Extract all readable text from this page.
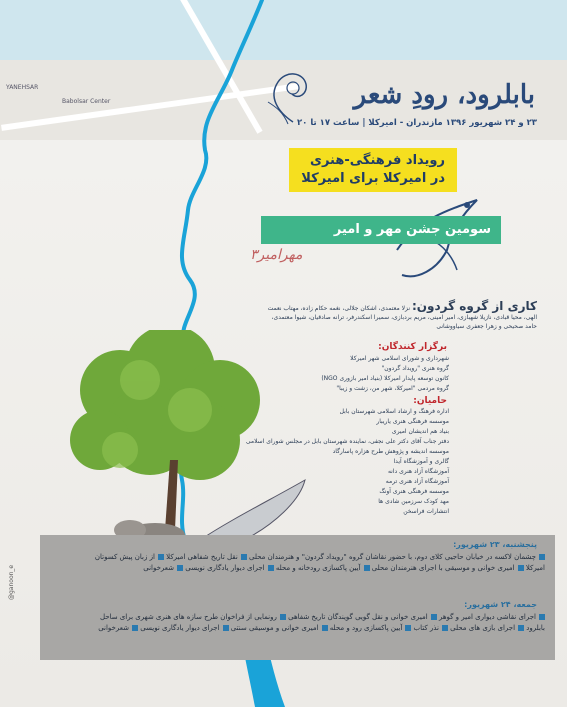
YANEHSAR
Babolsar Center	بابلرود، رودِ شعر
۲۳ و ۲۴ شهریور ۱۳۹۶ مازندران - امیرکلا | ساعت ۱۷ تا ۲۰
رویداد فرهنگی-هنری
در امیرکلا برای امیرکلا
سومین جشن مهر و امیر
مهرامیر۳
کاری از گروه گردون: نزلا معتمدی، اشکان جلالی، نغمه حکام زاده، مهتاب نعمت الهی، محیا قبادی، نازیلا شهبازی، امیر امینی، مریم بردبازی، سمیرا اسکندرفر، ترانه صادقیان، شیوا معتمدی، حامد صحیحی و زهرا جعفری سیاووشانی
برگزار کنندگان:
شهرداری و شورای اسلامی شهر امیرکلا
گروه هنری "رویداد گردون"
کانون توسعه پایدار امیرکلا (بنیاد امیر بازوری NGO)
گروه مردمی "امیرکلا، شهر من، زشت و زیبا"
حامیان:
اداره فرهنگ و ارشاد اسلامی شهرستان بابل
موسسه فرهنگی هنری یاریبار
بنیاد هم اندیشان امیری
دفتر جناب آقای دکتر علی نجفی، نماینده شهرستان بابل در مجلس شورای اسلامی
موسسه اندیشه و پژوهش طرح هزاره پاسارگاد
گالری و آموزشگاه آیدا
آموزشگاه آزاد هنری دانه
آموزشگاه آزاد هنری ترمه
موسسه فرهنگی هنری آونگ
مهد کودک سرزمین شادی ها
انتشارات فراسخن
پنجشنبه، ۲۳ شهریور:
چشمان لاکسه در خیابان حاجیی کلای دوم، با حضور نقاشان گروه "رویداد گردون" و هنرمندان محلی نقل تاریخ شفاهی امیرکلا از زبان پیش کسوتان امیرکلا امیری خوانی و موسیقی با اجرای هنرمندان محلی آیین پاکسازی رودخانه و محله اجرای دیوار یادگاری نویسی شعرخوانی
جمعه، ۲۴ شهریور:
اجرای نقاشی دیواری امیر و گوهر امیری خوانی و نقل گویی گویندگان تاریخ شفاهی رونمایی از فراخوان طرح سازه های هنری شهری برای ساحل بابلرود اجرای بازی های محلی نذر کتاب آیین پاکسازی رود و محله امیری خوانی و موسیقی سنتی اجرای دیوار یادگاری نویسی شعرخوانی
@ganoon_e
